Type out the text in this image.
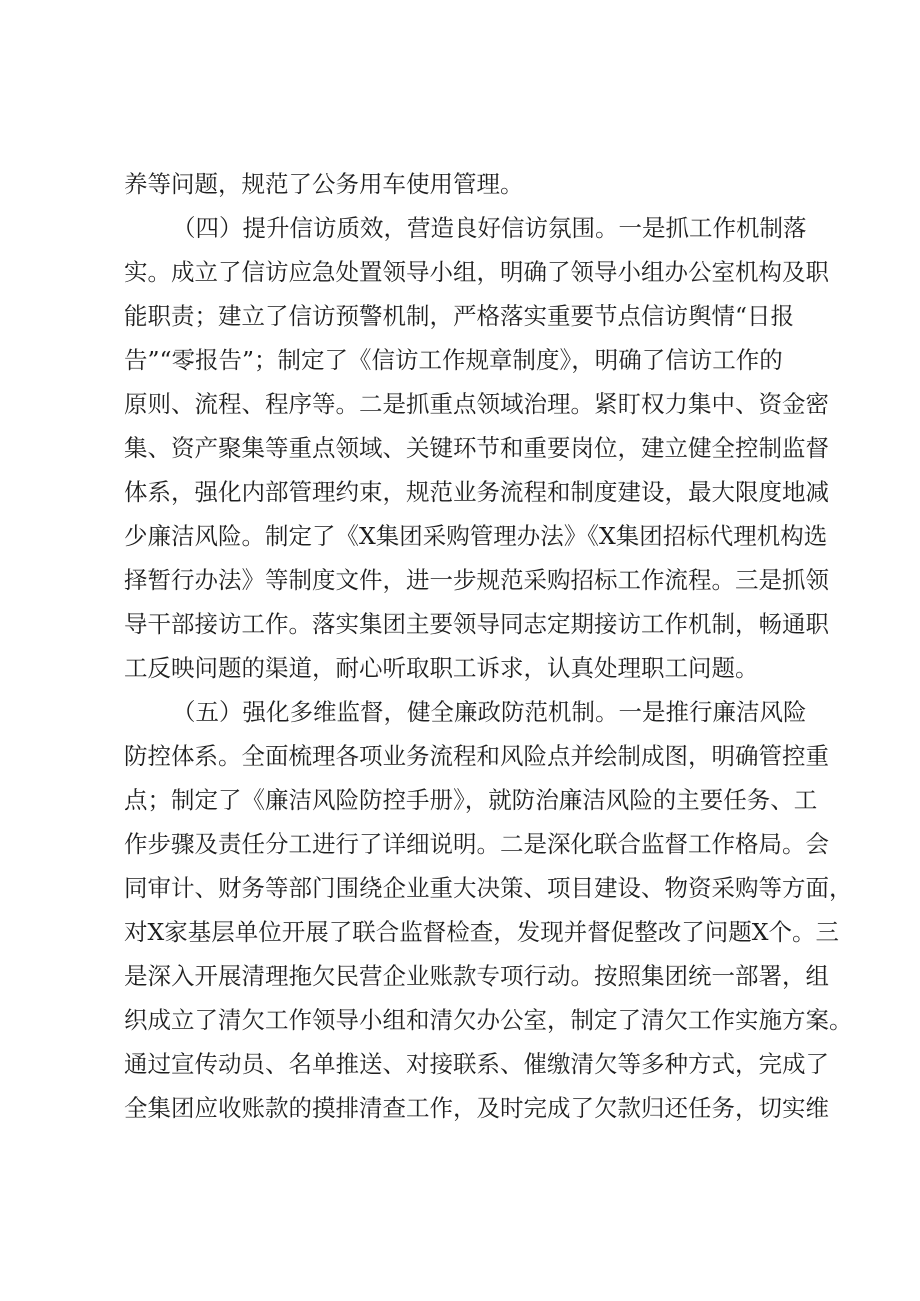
养等问题，规范了公务用车使用管理。
（四）提升信访质效，营造良好信访氛围。一是抓工作机制落
实。成立了信访应急处置领导小组，明确了领导小组办公室机构及职
能职责；建立了信访预警机制，严格落实重要节点信访舆情“日报
告”“零报告”；制定了《信访工作规章制度》，明确了信访工作的
原则、流程、程序等。二是抓重点领域治理。紧盯权力集中、资金密
集、资产聚集等重点领域、关键环节和重要岗位，建立健全控制监督
体系，强化内部管理约束，规范业务流程和制度建设，最大限度地减
少廉洁风险。制定了《X集团采购管理办法》《X集团招标代理机构选
择暂行办法》等制度文件，进一步规范采购招标工作流程。三是抓领
导干部接访工作。落实集团主要领导同志定期接访工作机制，畅通职
工反映问题的渠道，耐心听取职工诉求，认真处理职工问题。
（五）强化多维监督，健全廉政防范机制。一是推行廉洁风险
防控体系。全面梳理各项业务流程和风险点并绘制成图，明确管控重
点；制定了《廉洁风险防控手册》，就防治廉洁风险的主要任务、工
作步骤及责任分工进行了详细说明。二是深化联合监督工作格局。会
同审计、财务等部门围绕企业重大决策、项目建设、物资采购等方面，
对X家基层单位开展了联合监督检查，发现并督促整改了问题X个。三
是深入开展清理拖欠民营企业账款专项行动。按照集团统一部署，组
织成立了清欠工作领导小组和清欠办公室，制定了清欠工作实施方案。
通过宣传动员、名单推送、对接联系、催缴清欠等多种方式，完成了
全集团应收账款的摸排清查工作，及时完成了欠款归还任务，切实维
